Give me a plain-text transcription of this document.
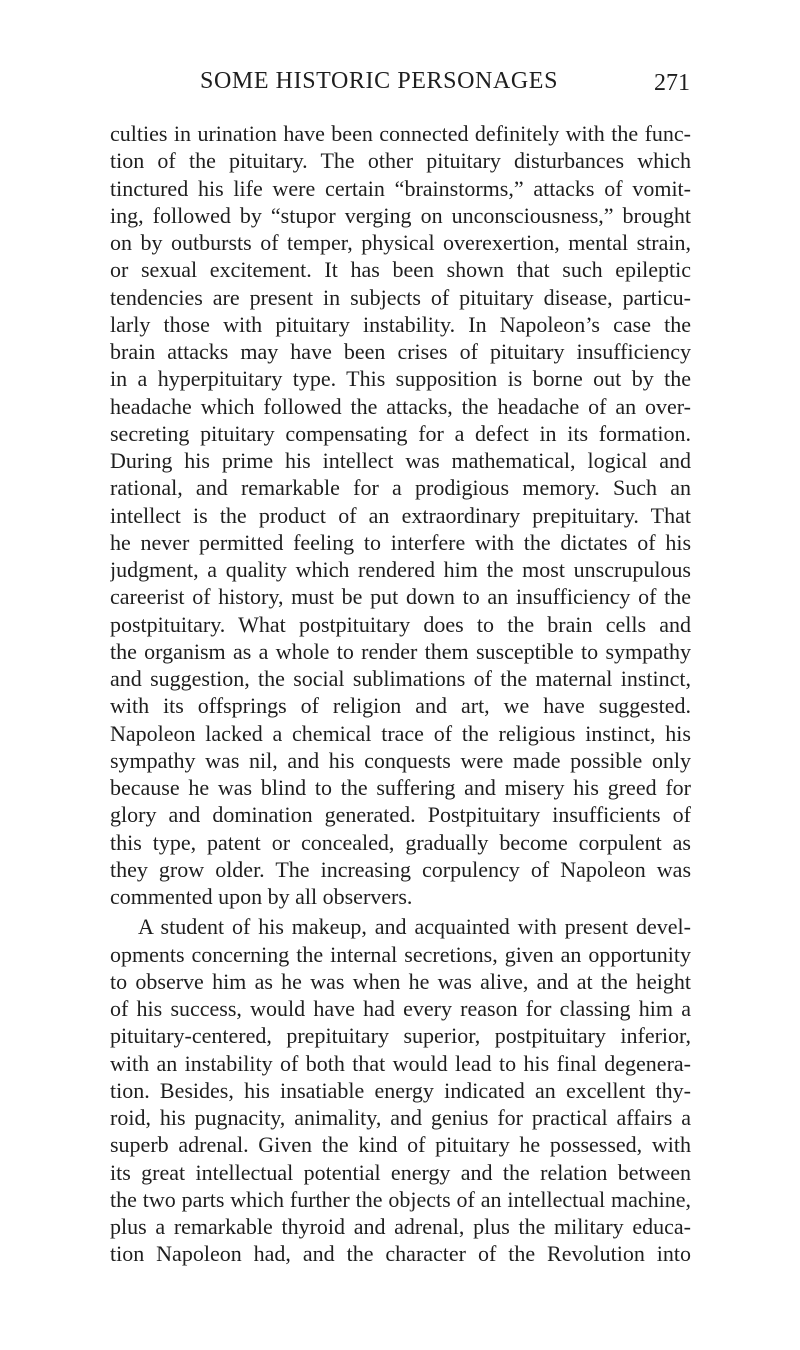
SOME HISTORIC PERSONAGES	271
culties in urination have been connected definitely with the func-
tion of the pituitary. The other pituitary disturbances which
tinctured his life were certain “brainstorms,” attacks of vomit-
ing, followed by “stupor verging on unconsciousness,” brought
on by outbursts of temper, physical overexertion, mental strain,
or sexual excitement. It has been shown that such epileptic
tendencies are present in subjects of pituitary disease, particu-
larly those with pituitary instability. In Napoleon’s case the
brain attacks may have been crises of pituitary insufficiency
in a hyperpituitary type. This supposition is borne out by the
headache which followed the attacks, the headache of an over-
secreting pituitary compensating for a defect in its formation.
During his prime his intellect was mathematical, logical and
rational, and remarkable for a prodigious memory. Such an
intellect is the product of an extraordinary prepituitary. That
he never permitted feeling to interfere with the dictates of his
judgment, a quality which rendered him the most unscrupulous
careerist of history, must be put down to an insufficiency of the
postpituitary. What postpituitary does to the brain cells and
the organism as a whole to render them susceptible to sympathy
and suggestion, the social sublimations of the maternal instinct,
with its offsprings of religion and art, we have suggested.
Napoleon lacked a chemical trace of the religious instinct, his
sympathy was nil, and his conquests were made possible only
because he was blind to the suffering and misery his greed for
glory and domination generated. Postpituitary insufficients of
this type, patent or concealed, gradually become corpulent as
they grow older. The increasing corpulency of Napoleon was
commented upon by all observers.
A student of his makeup, and acquainted with present devel-
opments concerning the internal secretions, given an opportunity
to observe him as he was when he was alive, and at the height
of his success, would have had every reason for classing him a
pituitary-centered, prepituitary superior, postpituitary inferior,
with an instability of both that would lead to his final degenera-
tion. Besides, his insatiable energy indicated an excellent thy-
roid, his pugnacity, animality, and genius for practical affairs a
superb adrenal. Given the kind of pituitary he possessed, with
its great intellectual potential energy and the relation between
the two parts which further the objects of an intellectual machine,
plus a remarkable thyroid and adrenal, plus the military educa-
tion Napoleon had, and the character of the Revolution into
